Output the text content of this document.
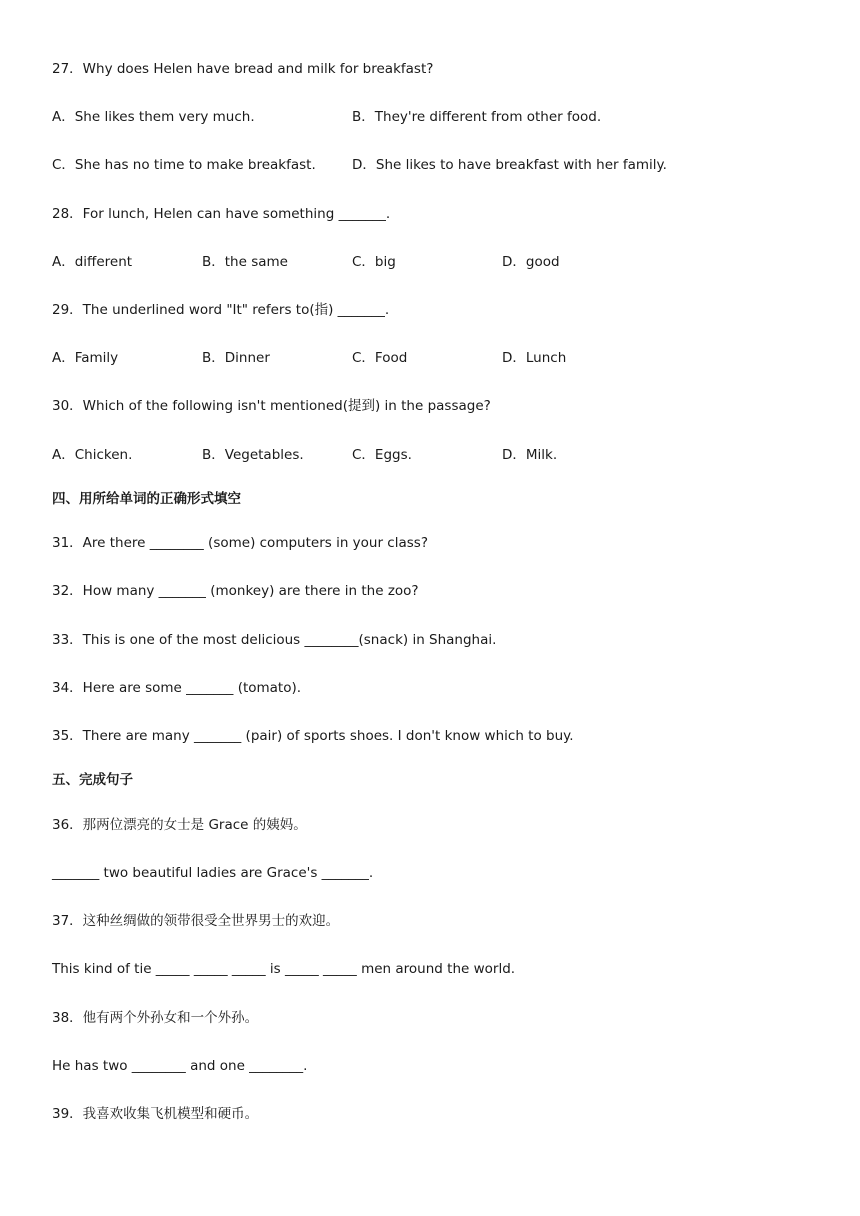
27．Why does Helen have bread and milk for breakfast?
A．She likes them very much.	B．They're different from other food.
C．She has no time to make breakfast.	D．She likes to have breakfast with her family.
28．For lunch, Helen can have something _______.
A．different	B．the same	C．big	D．good
29．The underlined word "It" refers to(指) _______.
A．Family	B．Dinner	C．Food	D．Lunch
30．Which of the following isn't mentioned(提到) in the passage?
A．Chicken.	B．Vegetables.	C．Eggs.	D．Milk.
四、用所给单词的正确形式填空
31．Are there ________ (some) computers in your class?
32．How many _______ (monkey) are there in the zoo?
33．This is one of the most delicious ________(snack) in Shanghai.
34．Here are some _______ (tomato).
35．There are many _______ (pair) of sports shoes. I don't know which to buy.
五、完成句子
36．那两位漂亮的女士是 Grace 的姨妈。
_______ two beautiful ladies are Grace's _______.
37．这种丝绸做的领带很受全世界男士的欢迎。
This kind of tie _____ _____ _____ is _____ _____ men around the world.
38．他有两个外孙女和一个外孙。
He has two ________ and one ________.
39．我喜欢收集飞机模型和硬币。
